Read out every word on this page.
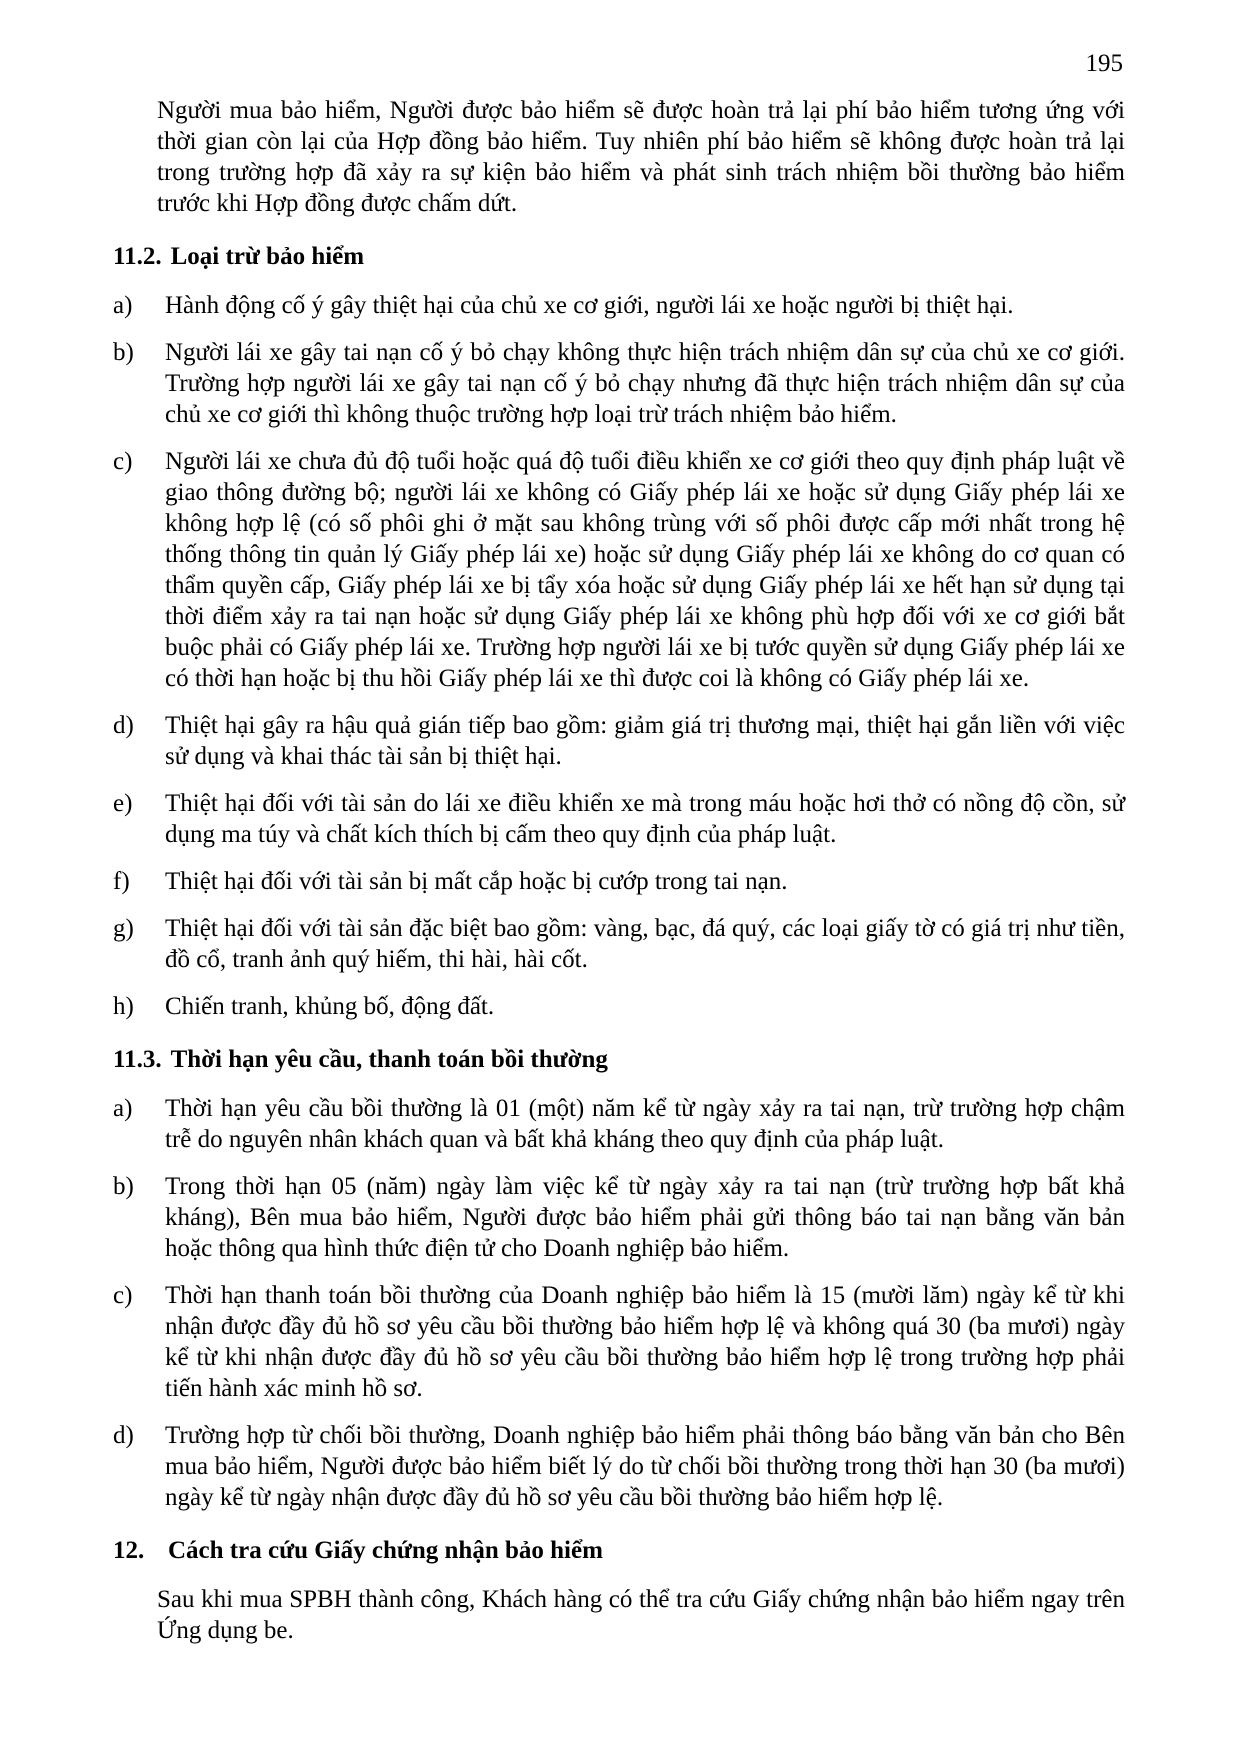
195

Người mua bảo hiểm, Người được bảo hiểm sẽ được hoàn trả lại phí bảo hiểm tương ứng với thời gian còn lại của Hợp đồng bảo hiểm. Tuy nhiên phí bảo hiểm sẽ không được hoàn trả lại trong trường hợp đã xảy ra sự kiện bảo hiểm và phát sinh trách nhiệm bồi thường bảo hiểm trước khi Hợp đồng được chấm dứt.

11.2. Loại trừ bảo hiểm
a)	Hành động cố ý gây thiệt hại của chủ xe cơ giới, người lái xe hoặc người bị thiệt hại.
b)	Người lái xe gây tai nạn cố ý bỏ chạy không thực hiện trách nhiệm dân sự của chủ xe cơ giới. Trường hợp người lái xe gây tai nạn cố ý bỏ chạy nhưng đã thực hiện trách nhiệm dân sự của chủ xe cơ giới thì không thuộc trường hợp loại trừ trách nhiệm bảo hiểm.
c)	Người lái xe chưa đủ độ tuổi hoặc quá độ tuổi điều khiển xe cơ giới theo quy định pháp luật về giao thông đường bộ; người lái xe không có Giấy phép lái xe hoặc sử dụng Giấy phép lái xe không hợp lệ (có số phôi ghi ở mặt sau không trùng với số phôi được cấp mới nhất trong hệ thống thông tin quản lý Giấy phép lái xe) hoặc sử dụng Giấy phép lái xe không do cơ quan có thẩm quyền cấp, Giấy phép lái xe bị tẩy xóa hoặc sử dụng Giấy phép lái xe hết hạn sử dụng tại thời điểm xảy ra tai nạn hoặc sử dụng Giấy phép lái xe không phù hợp đối với xe cơ giới bắt buộc phải có Giấy phép lái xe. Trường hợp người lái xe bị tước quyền sử dụng Giấy phép lái xe có thời hạn hoặc bị thu hồi Giấy phép lái xe thì được coi là không có Giấy phép lái xe.
d)	Thiệt hại gây ra hậu quả gián tiếp bao gồm: giảm giá trị thương mại, thiệt hại gắn liền với việc sử dụng và khai thác tài sản bị thiệt hại.
e)	Thiệt hại đối với tài sản do lái xe điều khiển xe mà trong máu hoặc hơi thở có nồng độ cồn, sử dụng ma túy và chất kích thích bị cấm theo quy định của pháp luật.
f)	Thiệt hại đối với tài sản bị mất cắp hoặc bị cướp trong tai nạn.
g)	Thiệt hại đối với tài sản đặc biệt bao gồm: vàng, bạc, đá quý, các loại giấy tờ có giá trị như tiền, đồ cổ, tranh ảnh quý hiếm, thi hài, hài cốt.
h)	Chiến tranh, khủng bố, động đất.
11.3. Thời hạn yêu cầu, thanh toán bồi thường
a)	Thời hạn yêu cầu bồi thường là 01 (một) năm kể từ ngày xảy ra tai nạn, trừ trường hợp chậm trễ do nguyên nhân khách quan và bất khả kháng theo quy định của pháp luật.
b)	Trong thời hạn 05 (năm) ngày làm việc kể từ ngày xảy ra tai nạn (trừ trường hợp bất khả kháng), Bên mua bảo hiểm, Người được bảo hiểm phải gửi thông báo tai nạn bằng văn bản hoặc thông qua hình thức điện tử cho Doanh nghiệp bảo hiểm.
c)	Thời hạn thanh toán bồi thường của Doanh nghiệp bảo hiểm là 15 (mười lăm) ngày kể từ khi nhận được đầy đủ hồ sơ yêu cầu bồi thường bảo hiểm hợp lệ và không quá 30 (ba mươi) ngày kể từ khi nhận được đầy đủ hồ sơ yêu cầu bồi thường bảo hiểm hợp lệ trong trường hợp phải tiến hành xác minh hồ sơ.
d)	Trường hợp từ chối bồi thường, Doanh nghiệp bảo hiểm phải thông báo bằng văn bản cho Bên mua bảo hiểm, Người được bảo hiểm biết lý do từ chối bồi thường trong thời hạn 30 (ba mươi) ngày kể từ ngày nhận được đầy đủ hồ sơ yêu cầu bồi thường bảo hiểm hợp lệ.
12. Cách tra cứu Giấy chứng nhận bảo hiểm

Sau khi mua SPBH thành công, Khách hàng có thể tra cứu Giấy chứng nhận bảo hiểm ngay trên Ứng dụng be.
